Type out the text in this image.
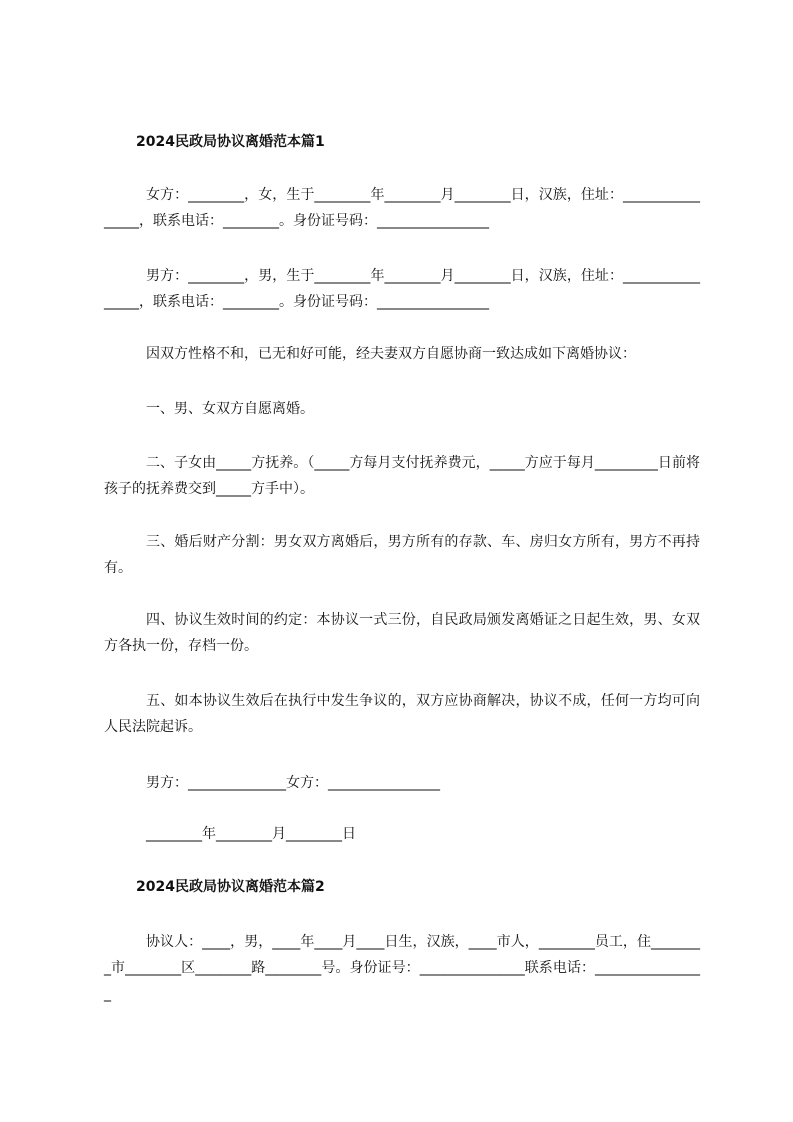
2024民政局协议离婚范本篇1
女方：________，女，生于________年________月________日，汉族，住址：________________，联系电话：________。身份证号码：________________
男方：________，男，生于________年________月________日，汉族，住址：________________，联系电话：________。身份证号码：________________
因双方性格不和，已无和好可能，经夫妻双方自愿协商一致达成如下离婚协议：
一、男、女双方自愿离婚。
二、子女由_____方抚养。（_____方每月支付抚养费元，_____方应于每月_________日前将孩子的抚养费交到_____方手中）。
三、婚后财产分割：男女双方离婚后，男方所有的存款、车、房归女方所有，男方不再持有。
四、协议生效时间的约定：本协议一式三份，自民政局颁发离婚证之日起生效，男、女双方各执一份，存档一份。
五、如本协议生效后在执行中发生争议的，双方应协商解决，协议不成，任何一方均可向人民法院起诉。
男方：______________女方：________________
________年________月________日
2024民政局协议离婚范本篇2
协议人：____，男，____年____月____日生，汉族，____市人，________员工，住________市________区________路________号。身份证号：_______________联系电话：________________
